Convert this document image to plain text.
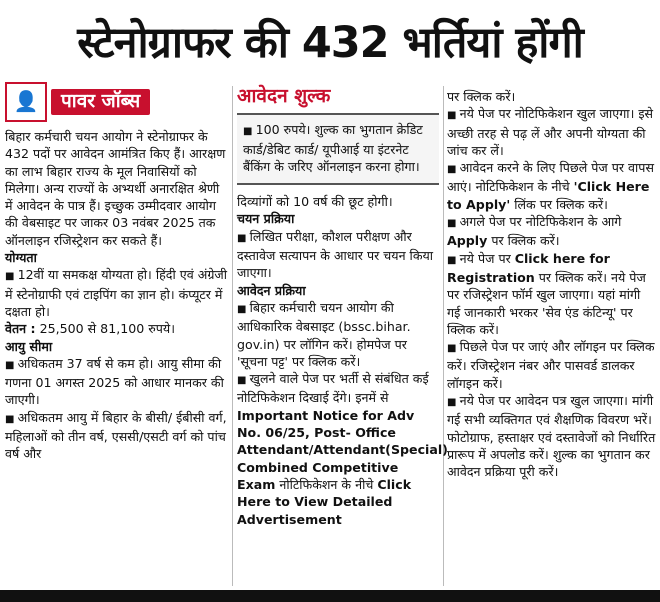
स्टेनोग्राफर की 432 भर्तियां होंगी
👤	पावर जॉब्स

बिहार कर्मचारी चयन आयोग ने स्टेनोग्राफर के 432 पदों पर आवेदन आमंत्रित किए हैं। आरक्षण का लाभ बिहार राज्य के मूल निवासियों को मिलेगा। अन्य राज्यों के अभ्यर्थी अनारक्षित श्रेणी में आवेदन के पात्र हैं। इच्छुक उम्मीदवार आयोग की वेबसाइट पर जाकर 03 नवंबर 2025 तक ऑनलाइन रजिस्ट्रेशन कर सकते हैं।

योग्यता

■ 12वीं या समकक्ष योग्यता हो। हिंदी एवं अंग्रेजी में स्टेनोग्राफी एवं टाइपिंग का ज्ञान हो। कंप्यूटर में दक्षता हो।

वेतन : 25,500 से 81,100 रुपये।

आयु सीमा

■ अधिकतम 37 वर्ष से कम हो। आयु सीमा की गणना 01 अगस्त 2025 को आधार मानकर की जाएगी।

■ अधिकतम आयु में बिहार के बीसी/ ईबीसी वर्ग, महिलाओं को तीन वर्ष, एससी/एसटी वर्ग को पांच वर्ष और

आवेदन शुल्क

■ 100 रुपये। शुल्क का भुगतान क्रेडिट कार्ड/डेबिट कार्ड/ यूपीआई या इंटरनेट बैंकिंग के जरिए ऑनलाइन करना होगा।

दिव्यांगों को 10 वर्ष की छूट होगी।

चयन प्रक्रिया

■ लिखित परीक्षा, कौशल परीक्षण और दस्तावेज सत्यापन के आधार पर चयन किया जाएगा।

आवेदन प्रक्रिया

■ बिहार कर्मचारी चयन आयोग की आधिकारिक वेबसाइट (bssc.bihar. gov.in) पर लॉगिन करें। होमपेज पर 'सूचना पट्ट' पर क्लिक करें।

■ खुलने वाले पेज पर भर्ती से संबंधित कई नोटिफिकेशन दिखाई देंगे। इनमें से Important Notice for Adv No. 06/25, Post- Office Attendant/Attendant(Special) Combined Competitive Exam नोटिफिकेशन के नीचे Click Here to View Detailed Advertisement

पर क्लिक करें।

■ नये पेज पर नोटिफिकेशन खुल जाएगा। इसे अच्छी तरह से पढ़ लें और अपनी योग्यता की जांच कर लें।

■ आवेदन करने के लिए पिछले पेज पर वापस आएं। नोटिफिकेशन के नीचे 'Click Here to Apply' लिंक पर क्लिक करें।

■ अगले पेज पर नोटिफिकेशन के आगे Apply पर क्लिक करें।

■ नये पेज पर Click here for Registration पर क्लिक करें। नये पेज पर रजिस्ट्रेशन फॉर्म खुल जाएगा। यहां मांगी गई जानकारी भरकर 'सेव एंड कंटिन्यू' पर क्लिक करें।

■ पिछले पेज पर जाएं और लॉगइन पर क्लिक करें। रजिस्ट्रेशन नंबर और पासवर्ड डालकर लॉगइन करें।

■ नये पेज पर आवेदन पत्र खुल जाएगा। मांगी गई सभी व्यक्तिगत एवं शैक्षणिक विवरण भरें। फोटोग्राफ, हस्ताक्षर एवं दस्तावेजों को निर्धारित प्रारूप में अपलोड करें। शुल्क का भुगतान कर आवेदन प्रक्रिया पूरी करें।
